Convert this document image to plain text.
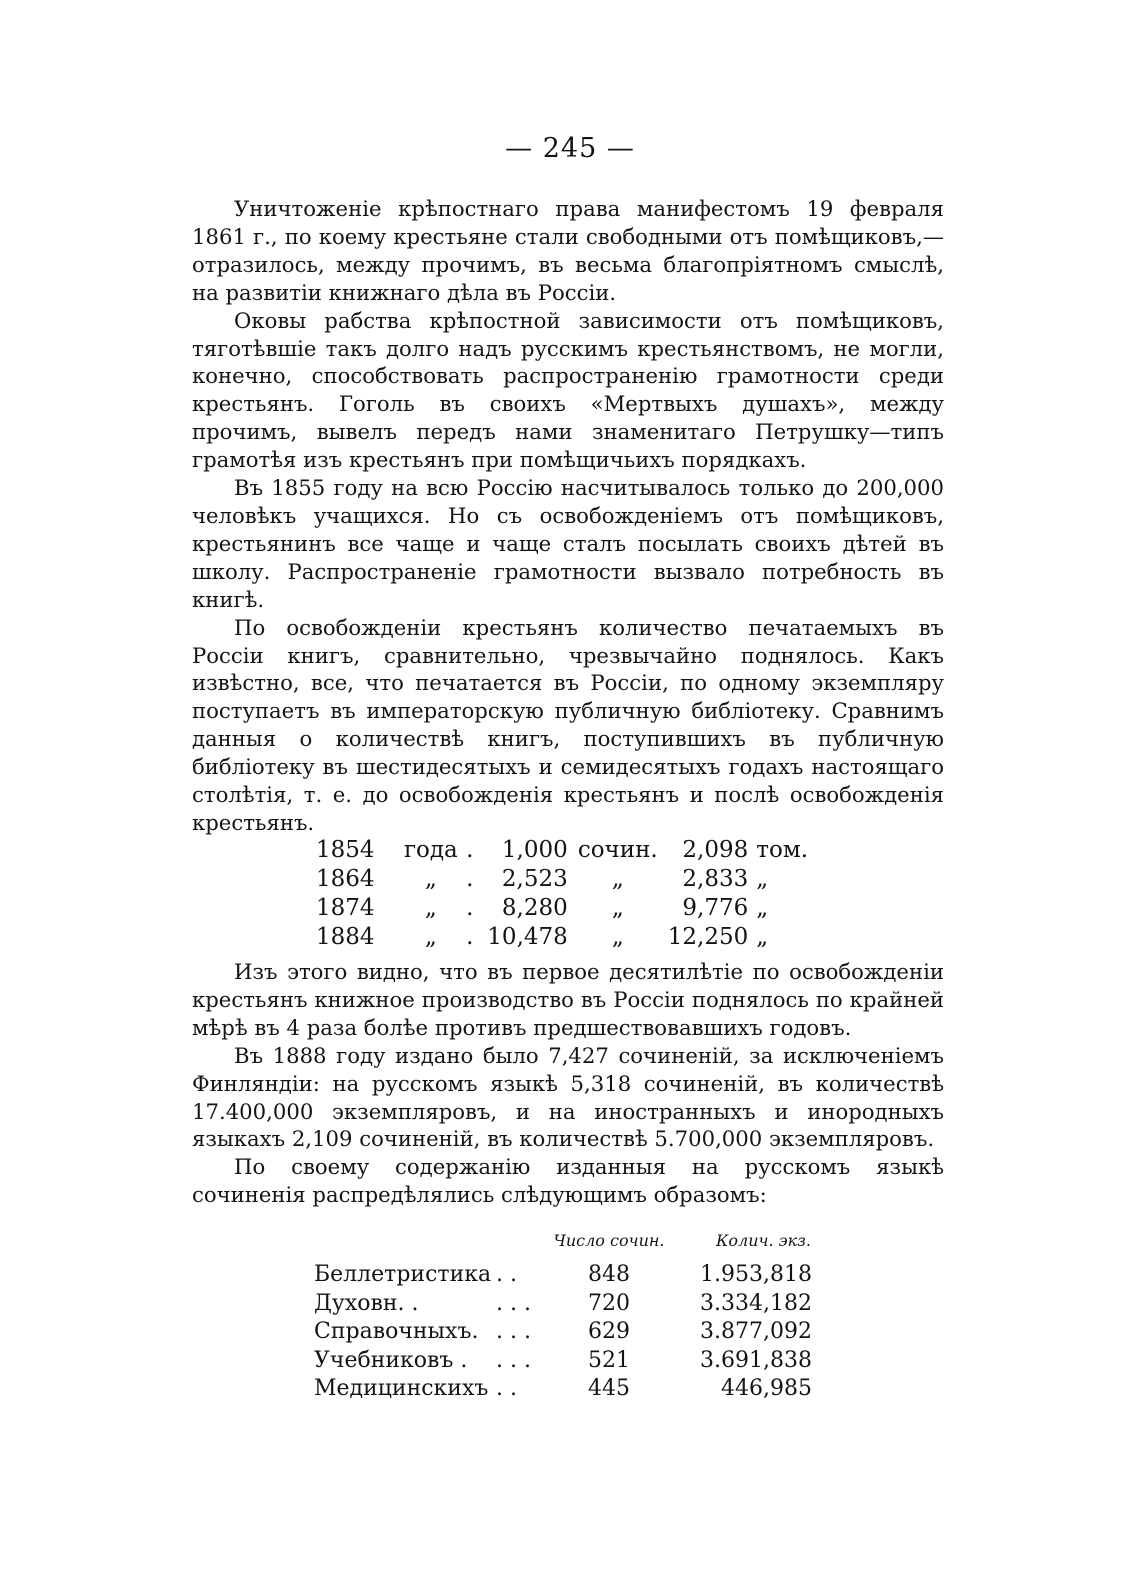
— 245 —

Уничтоженіе крѣпостнаго права манифестомъ 19 февраля 1861 г., по коему крестьяне стали свободными отъ помѣщиковъ,—отразилось, между прочимъ, въ весьма благопріятномъ смыслѣ, на развитіи книжнаго дѣла въ Россіи.

Оковы рабства крѣпостной зависимости отъ помѣщиковъ, тяготѣвшіе такъ долго надъ русскимъ крестьянствомъ, не могли, конечно, способствовать распространенію грамотности среди крестьянъ. Гоголь въ своихъ «Мертвыхъ душахъ», между прочимъ, вывелъ передъ нами знаменитаго Петрушку—типъ грамотѣя изъ крестьянъ при помѣщичьихъ порядкахъ.

Въ 1855 году на всю Россію насчитывалось только до 200,000 человѣкъ учащихся. Но съ освобожденіемъ отъ помѣщиковъ, крестьянинъ все чаще и чаще сталъ посылать своихъ дѣтей въ школу. Распространеніе грамотности вызвало потребность въ книгѣ.

По освобожденіи крестьянъ количество печатаемыхъ въ Россіи книгъ, сравнительно, чрезвычайно поднялось. Какъ извѣстно, все, что печатается въ Россіи, по одному экземпляру поступаетъ въ императорскую публичную библіотеку. Сравнимъ данныя о количествѣ книгъ, поступившихъ въ публичную библіотеку въ шестидесятыхъ и семидесятыхъ годахъ настоящаго столѣтія, т. е. до освобожденія крестьянъ и послѣ освобожденія крестьянъ.

1854	года	.	1,000	сочин.	2,098	том.
1864	„	.	2,523	„	2,833	„
1874	„	.	8,280	„	9,776	„
1884	„	.	10,478	„	12,250	„

Изъ этого видно, что въ первое десятилѣтіе по освобожденіи крестьянъ книжное производство въ Россіи поднялось по крайней мѣрѣ въ 4 раза болѣе противъ предшествовавшихъ годовъ.

Въ 1888 году издано было 7,427 сочиненій, за исключеніемъ Финляндіи: на русскомъ языкѣ 5,318 сочиненій, въ количествѣ 17.400,000 экземпляровъ, и на иностранныхъ и инородныхъ языкахъ 2,109 сочиненій, въ количествѣ 5.700,000 экземпляровъ.

По своему содержанію изданныя на русскомъ языкѣ сочиненія распредѣлялись слѣдующимъ образомъ:

		Число сочин.	Колич. экз.
Беллетристика	. .	848	1.953,818
Духовн. .	. . .	720	3.334,182
Справочныхъ.	. . .	629	3.877,092
Учебниковъ .	. . .	521	3.691,838
Медицинскихъ	. .	445	446,985
